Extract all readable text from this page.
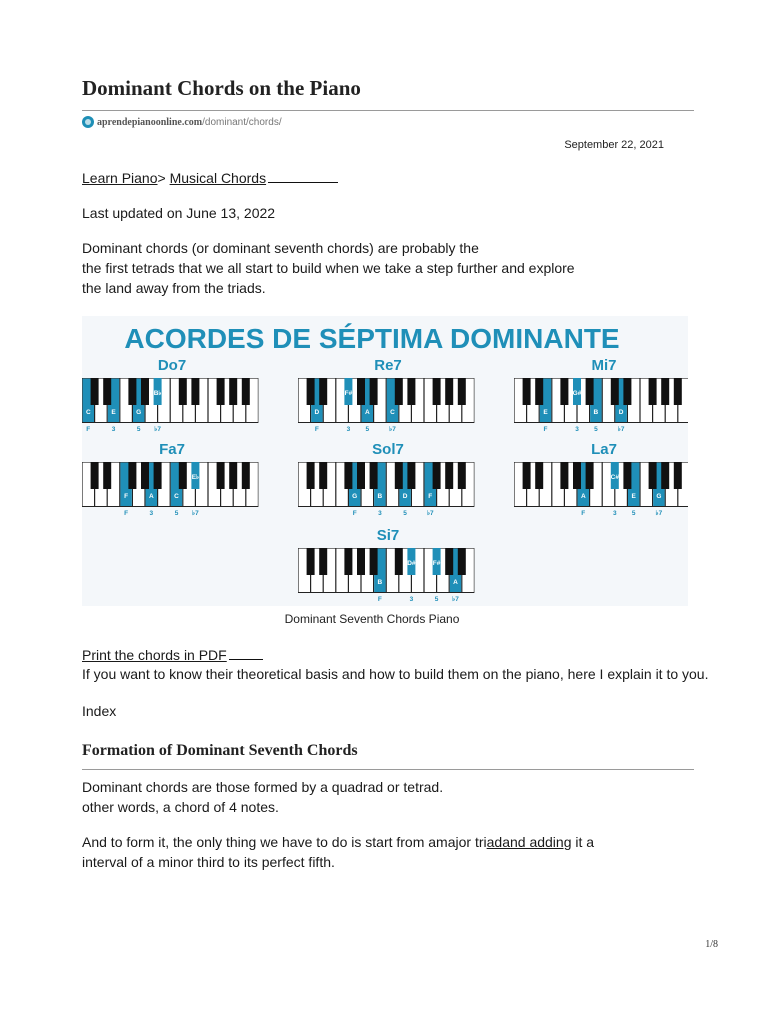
Dominant Chords on the Piano
aprendepianoonline.com /dominant/chords/
September 22, 2021
Learn Piano> Musical Chords
Last updated on June 13, 2022
Dominant chords (or dominant seventh chords) are probably the
the first tetrads that we all start to build when we take a step further and explore
the land away from the triads.
ACORDES DE SÉPTIMA DOMINANTE
Do7
C
F
E
3
G
5
B♭
♭7
Re7
D
F
F#
3
A
5
C
♭7
Mi7
E
F
G#
3
B
5
D
♭7
Fa7
F
F
A
3
C
5
E♭
♭7
Sol7
G
F
B
3
D
5
F
♭7
La7
A
F
C#
3
E
5
G
♭7
Si7
B
F
D#
3
F#
5
A
♭7
Dominant Seventh Chords Piano
Print the chords in PDF
If you want to know their theoretical basis and how to build them on the piano, here I explain it to you.
Index
Formation of Dominant Seventh Chords
Dominant chords are those formed by a quadrad or tetrad.
other words, a chord of 4 notes.
And to form it, the only thing we have to do is start from amajor triadand adding it a
interval of a minor third to its perfect fifth.
1/8
